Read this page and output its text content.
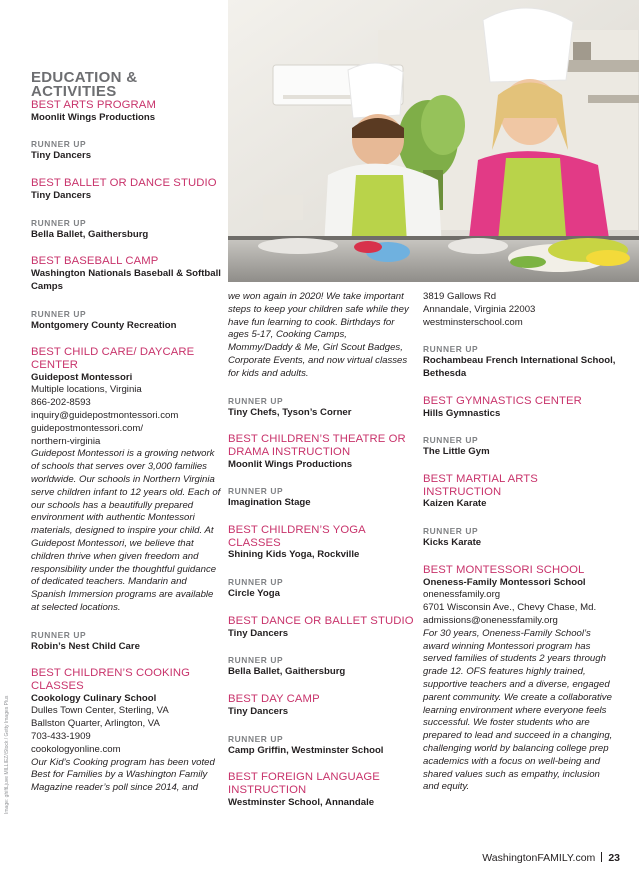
EDUCATION & ACTIVITIES
BEST ARTS PROGRAM
Moonlit Wings Productions
RUNNER UP
Tiny Dancers
BEST BALLET OR DANCE STUDIO
Tiny Dancers
RUNNER UP
Bella Ballet, Gaithersburg
BEST BASEBALL CAMP
Washington Nationals Baseball & Softball Camps
RUNNER UP
Montgomery County Recreation
BEST CHILD CARE/ DAYCARE CENTER
Guidepost Montessori
Multiple locations, Virginia
866-202-8593
inquiry@guidepostmontessori.com
guidepostmontessori.com/
northern-virginia
Guidepost Montessori is a growing network of schools that serves over 3,000 families worldwide. Our schools in Northern Virginia serve children infant to 12 years old. Each of our schools has a beautifully prepared environment with authentic Montessori materials, designed to inspire your child. At Guidepost Montessori, we believe that children thrive when given freedom and responsibility under the thoughtful guidance of dedicated teachers. Mandarin and Spanish Immersion programs are available at selected locations.
RUNNER UP
Robin’s Nest Child Care
BEST CHILDREN’S COOKING CLASSES
Cookology Culinary School
Dulles Town Center, Sterling, VA
Ballston Quarter, Arlington, VA
703-433-1909
cookologyonline.com
Our Kid’s Cooking program has been voted Best for Families by a Washington Family Magazine reader’s poll since 2014, and
we won again in 2020! We take important steps to keep your children safe while they have fun learning to cook. Birthdays for ages 5-17, Cooking Camps, Mommy/Daddy & Me, Girl Scout Badges, Corporate Events, and now virtual classes for kids and adults.
RUNNER UP
Tiny Chefs, Tyson’s Corner
BEST CHILDREN’S THEATRE OR DRAMA INSTRUCTION
Moonlit Wings Productions
RUNNER UP
Imagination Stage
BEST CHILDREN’S YOGA CLASSES
Shining Kids Yoga, Rockville
RUNNER UP
Circle Yoga
BEST DANCE OR BALLET STUDIO
Tiny Dancers
RUNNER UP
Bella Ballet, Gaithersburg
BEST DAY CAMP
Tiny Dancers
RUNNER UP
Camp Griffin, Westminster School
BEST FOREIGN LANGUAGE INSTRUCTION
Westminster School, Annandale
3819 Gallows Rd
Annandale, Virginia 22003
westminsterschool.com
RUNNER UP
Rochambeau French International School, Bethesda
BEST GYMNASTICS CENTER
Hills Gymnastics
RUNNER UP
The Little Gym
BEST MARTIAL ARTS INSTRUCTION
Kaizen Karate
RUNNER UP
Kicks Karate
BEST MONTESSORI SCHOOL
Oneness-Family Montessori School
onenessfamily.org
6701 Wisconsin Ave., Chevy Chase, Md.
admissions@onenessfamily.org
For 30 years, Oneness-Family School’s award winning Montessori program has served families of students 2 years through grade 12. OFS features highly trained, supportive teachers and a diverse, engaged parent community. We create a collaborative learning environment where everyone feels successful. We foster students who are prepared to lead and succeed in a changing, challenging world by balancing college prep academics with a focus on well-being and shared values such as empathy, inclusion and equity.
WashingtonFAMILY.com 23
Image: ghiftLjuve MILLIEZ/iStock / Getty Images Plus
